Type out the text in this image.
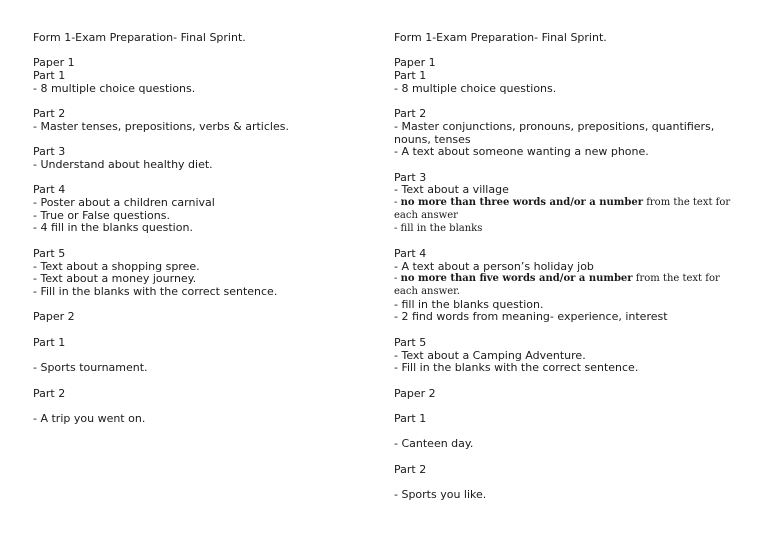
Form 1-Exam Preparation- Final Sprint.
Paper 1
Part 1
- 8 multiple choice questions.
Part 2
- Master tenses, prepositions, verbs & articles.
Part 3
- Understand about healthy diet.
Part 4
- Poster about a children carnival
- True or False questions.
- 4 fill in the blanks question.
Part 5
- Text about a shopping spree.
- Text about a money journey.
- Fill in the blanks with the correct sentence.
Paper 2
Part 1
- Sports tournament.
Part 2
- A trip you went on.
Form 1-Exam Preparation- Final Sprint.
Paper 1
Part 1
- 8 multiple choice questions.
Part 2
- Master conjunctions, pronouns, prepositions, quantifiers, nouns, tenses
- A text about someone wanting a new phone.
Part 3
- Text about a village
- no more than three words and/or a number from the text for each answer
- fill in the blanks
Part 4
- A text about a person’s holiday job
- no more than five words and/or a number from the text for each answer.
- fill in the blanks question.
- 2 find words from meaning- experience, interest
Part 5
- Text about a Camping Adventure.
- Fill in the blanks with the correct sentence.
Paper 2
Part 1
- Canteen day.
Part 2
- Sports you like.
